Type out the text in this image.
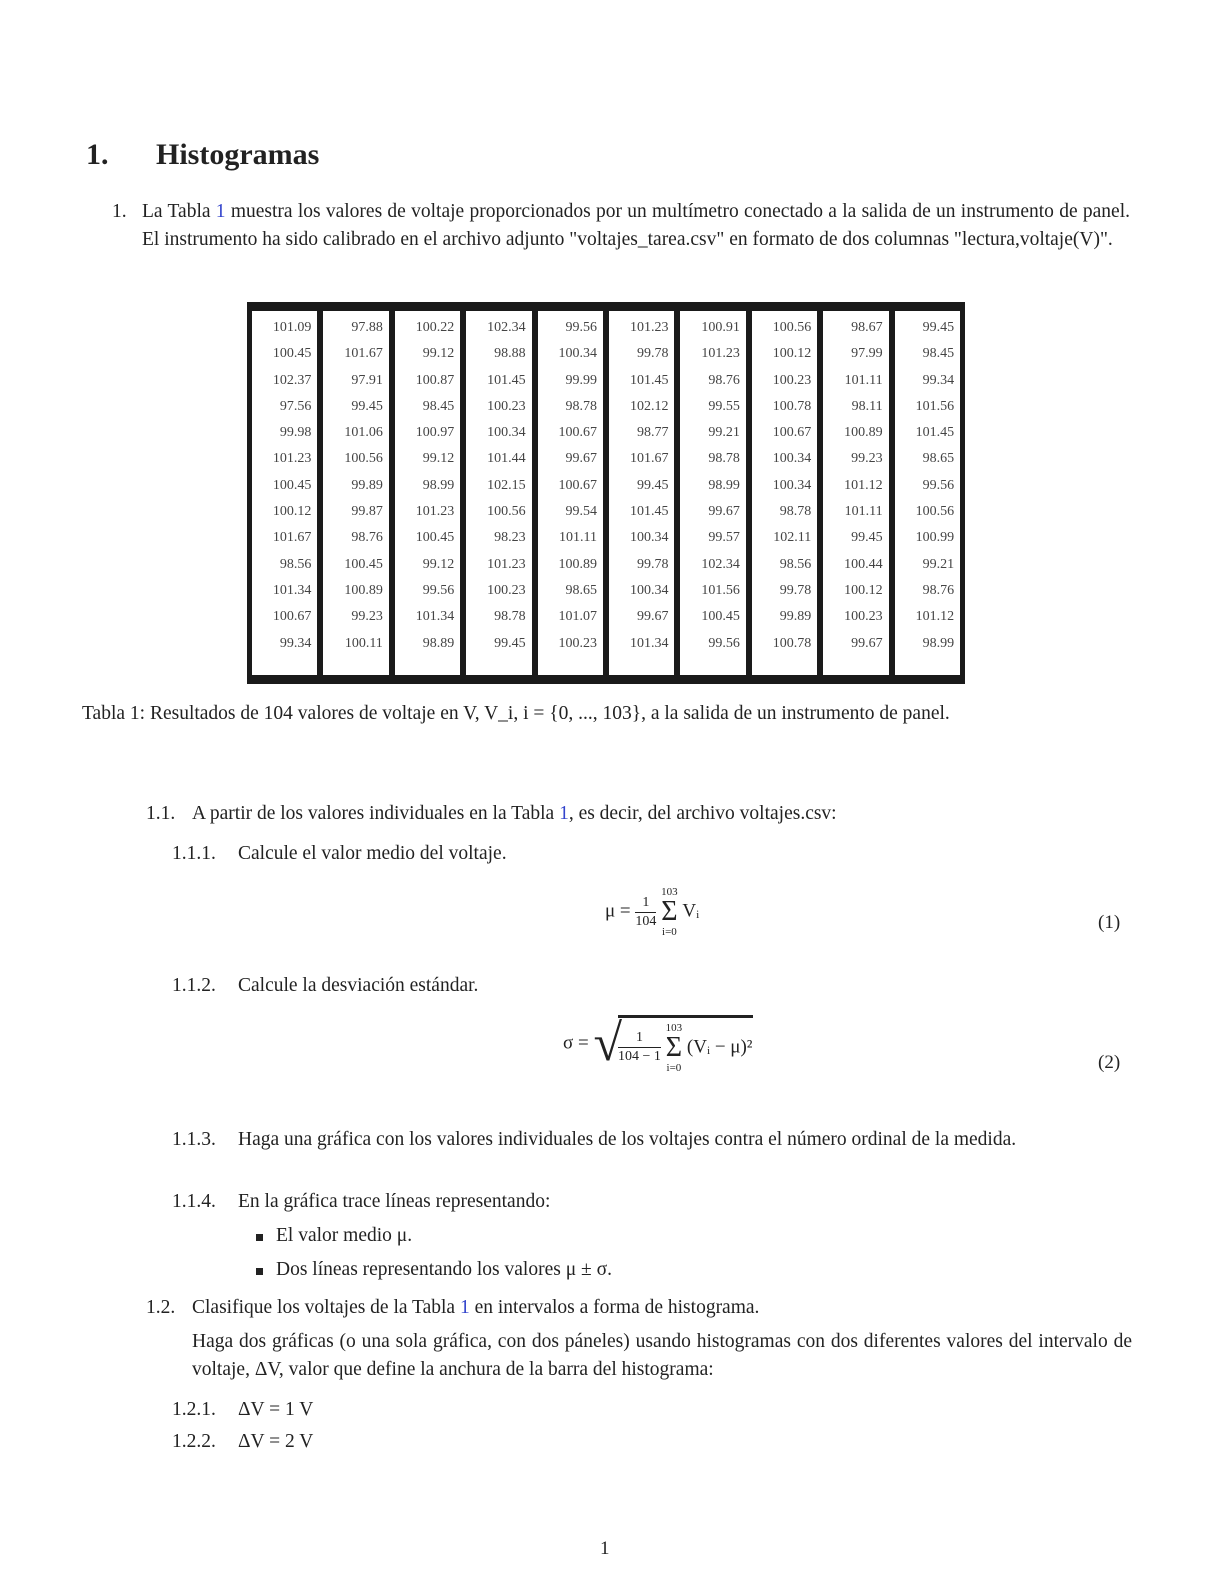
1. Histogramas
1. La Tabla 1 muestra los valores de voltaje proporcionados por un multímetro conectado a la salida de un instrumento de panel. El instrumento ha sido calibrado en el archivo adjunto "voltajes_tarea.csv" en formato de dos columnas "lectura,voltaje(V)".
101.09
100.45
102.37
97.56
99.98
101.23
100.45
100.12
101.67
98.56
101.34
100.67
99.34
97.88
101.67
97.91
99.45
101.06
100.56
99.89
99.87
98.76
100.45
100.89
99.23
100.11
100.22
99.12
100.87
98.45
100.97
99.12
98.99
101.23
100.45
99.12
99.56
101.34
98.89
102.34
98.88
101.45
100.23
100.34
101.44
102.15
100.56
98.23
101.23
100.23
98.78
99.45
99.56
100.34
99.99
98.78
100.67
99.67
100.67
99.54
101.11
100.89
98.65
101.07
100.23
101.23
99.78
101.45
102.12
98.77
101.67
99.45
101.45
100.34
99.78
100.34
99.67
101.34
100.91
101.23
98.76
99.55
99.21
98.78
98.99
99.67
99.57
102.34
101.56
100.45
99.56
100.56
100.12
100.23
100.78
100.67
100.34
100.34
98.78
102.11
98.56
99.78
99.89
100.78
98.67
97.99
101.11
98.11
100.89
99.23
101.12
101.11
99.45
100.44
100.12
100.23
99.67
99.45
98.45
99.34
101.56
101.45
98.65
99.56
100.56
100.99
99.21
98.76
101.12
98.99
Tabla 1: Resultados de 104 valores de voltaje en V, V_i, i = {0, ..., 103}, a la salida de un instrumento de panel.
1.1. A partir de los valores individuales en la Tabla 1, es decir, del archivo voltajes.csv:
1.1.1. Calcule el valor medio del voltaje.
$\mu = \frac{1}{104} 103$
Σ
i=0 Vᵢ
(1)
1.1.2. Calcule la desviación estándar.
$\sigma = √\frac{1}{104 - 1} 103$
Σ
i=0 (Vᵢ − μ)²
(2)
1.1.3. Haga una gráfica con los valores individuales de los voltajes contra el número ordinal de la medida.
1.1.4. En la gráfica trace líneas representando:
El valor medio μ.
Dos líneas representando los valores μ ± σ.
1.2. Clasifique los voltajes de la Tabla 1 en intervalos a forma de histograma.
Haga dos gráficas (o una sola gráfica, con dos páneles) usando histogramas con dos diferentes valores del intervalo de voltaje, ΔV, valor que define la anchura de la barra del histograma:
1.2.1. ΔV = 1 V
1.2.2. ΔV = 2 V
1
